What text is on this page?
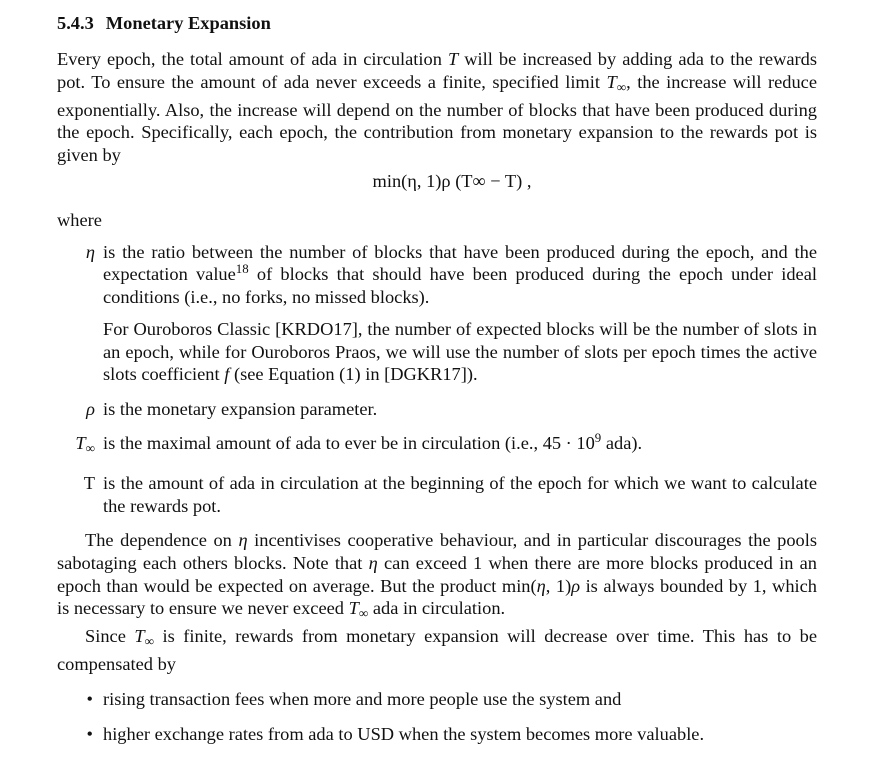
5.4.3 Monetary Expansion

Every epoch, the total amount of ada in circulation T will be increased by adding ada to the rewards pot. To ensure the amount of ada never exceeds a finite, specified limit $T_\infty$, the increase will reduce exponentially. Also, the increase will depend on the number of blocks that have been produced during the epoch. Specifically, each epoch, the contribution from monetary expansion to the rewards pot is given by

min(η, 1)ρ (T∞ − T) ,
where
η is the ratio between the number of blocks that have been produced during the epoch, and the expectation value$^{18}$ of blocks that should have been produced during the epoch under ideal conditions (i.e., no forks, no missed blocks).

For Ouroboros Classic [KRDO17], the number of expected blocks will be the number of slots in an epoch, while for Ouroboros Praos, we will use the number of slots per epoch times the active slots coefficient f (see Equation (1) in [DGKR17]).

ρ is the monetary expansion parameter.
$T_\infty$ is the maximal amount of ada to ever be in circulation (i.e., $45 \cdot 10^9$ ada).
T is the amount of ada in circulation at the beginning of the epoch for which we want to calculate the rewards pot.

The dependence on η incentivises cooperative behaviour, and in particular discourages the pools sabotaging each others blocks. Note that η can exceed 1 when there are more blocks produced in an epoch than would be expected on average. But the product min(η, 1)ρ is always bounded by 1, which is necessary to ensure we never exceed $T_\infty$ ada in circulation.

Since $T_\infty$ is finite, rewards from monetary expansion will decrease over time. This has to be compensated by

• rising transaction fees when more and more people use the system and
• higher exchange rates from ada to USD when the system becomes more valuable.
